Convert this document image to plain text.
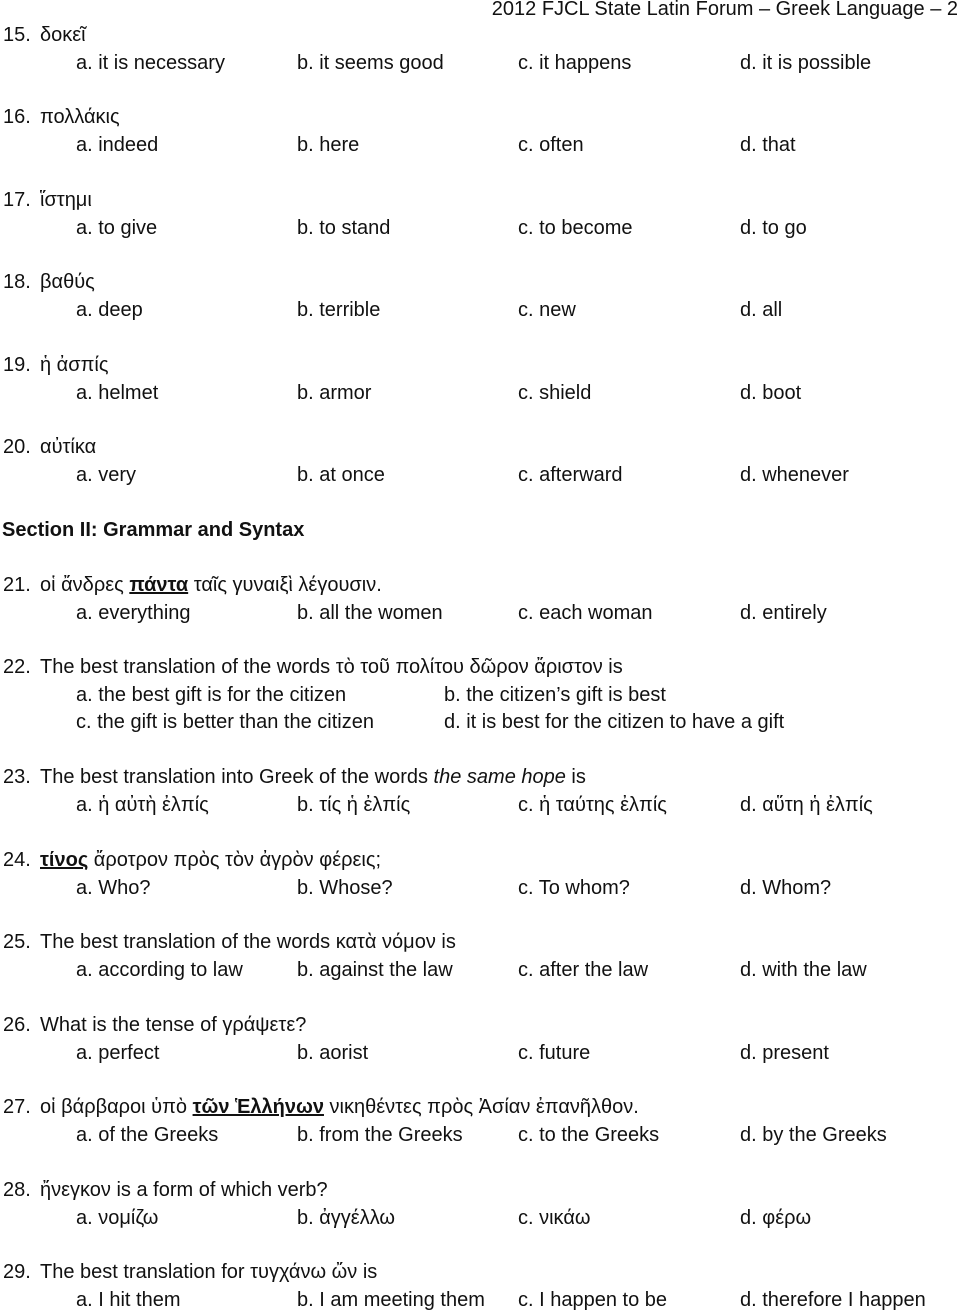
2012 FJCL State Latin Forum – Greek Language – 2
15. δοκεῖ
a. it is necessary	b. it seems good	c. it happens	d. it is possible
16. πολλάκις
a. indeed	b. here	c. often	d. that
17. ἵστημι
a. to give	b. to stand	c. to become	d. to go
18. βαθύς
a. deep	b. terrible	c. new	d. all
19. ἡ ἀσπίς
a. helmet	b. armor	c. shield	d. boot
20. αὐτίκα
a. very	b. at once	c. afterward	d. whenever
Section II: Grammar and Syntax
21. οἱ ἄνδρες πάντα ταῖς γυναιξὶ λέγουσιν.
a. everything	b. all the women	c. each woman	d. entirely
22. The best translation of the words τὸ τοῦ πολίτου δῶρον ἄριστον is
a. the best gift is for the citizen	b. the citizen’s gift is best
c. the gift is better than the citizen	d. it is best for the citizen to have a gift
23. The best translation into Greek of the words the same hope is
a. ἡ αὐτὴ ἐλπίς	b. τίς ἡ ἐλπίς	c. ἡ ταύτης ἐλπίς	d. αὕτη ἡ ἐλπίς
24. τίνος ἄροτρον πρὸς τὸν ἀγρὸν φέρεις;
a. Who?	b. Whose?	c. To whom?	d. Whom?
25. The best translation of the words κατὰ νόμον is
a. according to law	b. against the law	c. after the law	d. with the law
26. What is the tense of γράψετε?
a. perfect	b. aorist	c. future	d. present
27. οἱ βάρβαροι ὑπὸ τῶν Ἑλλήνων νικηθέντες πρὸς Ἀσίαν ἐπανῆλθον.
a. of the Greeks	b. from the Greeks	c. to the Greeks	d. by the Greeks
28. ἤνεγκον is a form of which verb?
a. νομίζω	b. ἀγγέλλω	c. νικάω	d. φέρω
29. The best translation for τυγχάνω ὤν is
a. I hit them	b. I am meeting them c. I happen to be	d. therefore I happen
